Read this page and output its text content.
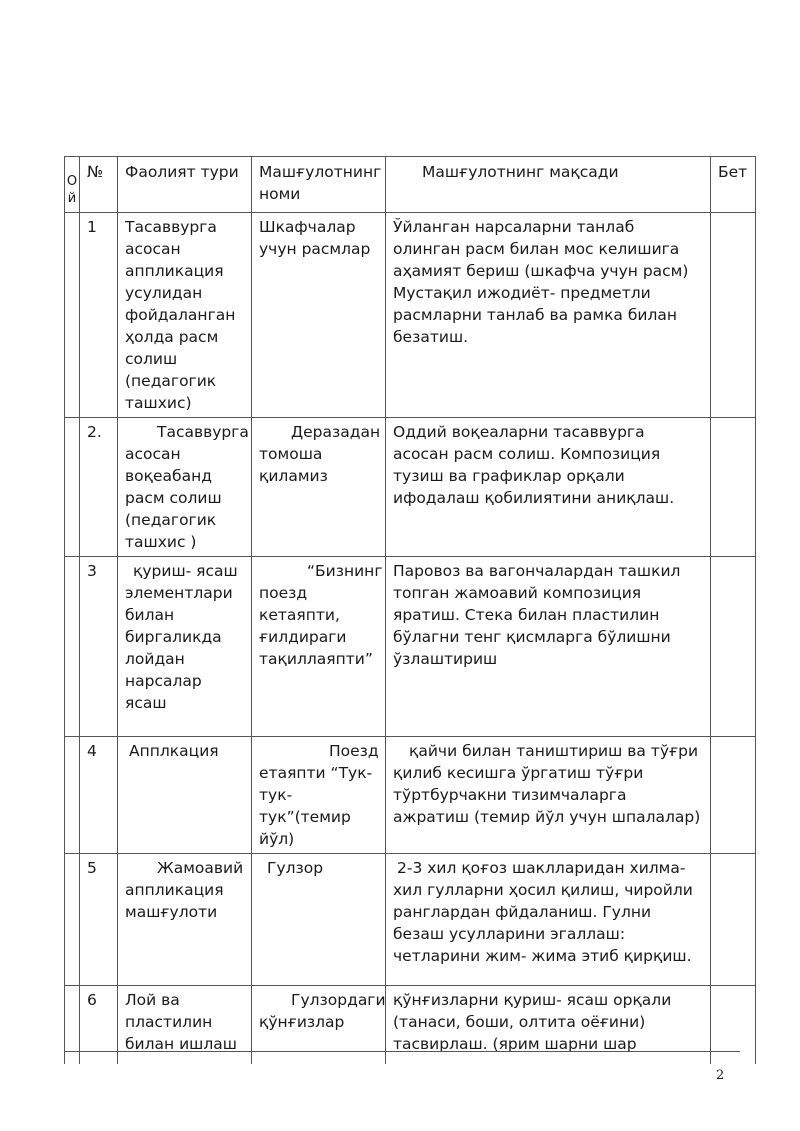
О
й	№	Фаолият тури	Машғулотнинг номи	Машғулотнинг мақсади	Бет
	1	Тасаввурга асосан аппликация усулидан фойдаланган ҳолда расм солиш (педагогик ташхис)	Шкафчалар учун расмлар	Ўйланган нарсаларни танлаб олинган расм билан мос келишига аҳамият бериш (шкафча учун расм) Мустақил ижодиёт- предметли расмларни танлаб ва рамка билан безатиш.	
	2.	Тасаввурга асосан воқеабанд расм солиш (педагогик ташхис )	Деразадан томоша қиламиз	Оддий воқеаларни тасаввурга асосан расм солиш. Композиция тузиш ва графиклар орқали ифодалаш қобилиятини аниқлаш.	
	3	қуриш- ясаш элементлари билан биргаликда лойдан нарсалар ясаш	“Бизнинг поезд кетаяпти, ғилдираги тақиллаяпти”	Паровоз ва вагончалардан ташкил топган жамоавий композиция яратиш. Стека билан пластилин бўлагни тенг қисмларга бўлишни ўзлаштириш	
	4	Апплкация	Поезд етаяпти “Тук-тук- тук”(темир йўл)	қайчи билан таништириш ва тўғри қилиб кесишга ўргатиш тўғри тўртбурчакни тизимчаларга ажратиш (темир йўл учун шпалалар)	
	5	Жамоавий аппликация машғулоти	Гулзор	2-3 хил қоғоз шаклларидан хилма-хил гулларни ҳосил қилиш, чиройли ранглардан фйдаланиш. Гулни безаш усулларини эгаллаш: четларини жим- жима этиб қирқиш.	
	6	Лой ва пластилин билан ишлаш	Гулзордаги қўнғизлар	қўнғизларни қуриш- ясаш орқали (танаси, боши, олтита оёғини) тасвирлаш. (ярим шарни шар	
2
